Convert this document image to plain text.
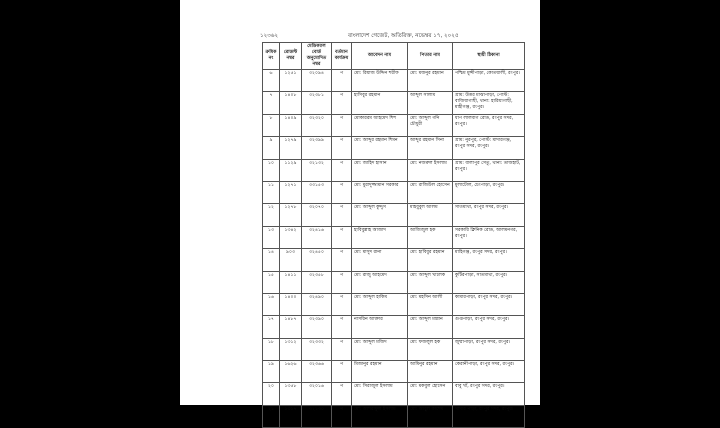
১২৩৬২	বাংলাদেশ গেজেট, অতিরিক্ত, নভেম্বর ১৭, ২০২৫
ক্রমিক নং	রোডস্ট নম্বর	মেডিক্যাল বোর্ড অনুমোদিত নম্বর	বর্তমান কার্যক্রম	আবেদন নাম	পিতার নাম	স্থায়ী ঠিকানা
৬	১২৫১	৩২০৯৪	প	মো: রিয়াজ উদ্দিন শরীফ	মো: মজনুর রহমান	পশ্চিম মুন্সীপাড়া, কোতয়ালী, রংপুর।
৭	১৪০৮	৩২৩৮১	প	হাসিবুর রহমান	আব্দুল সালাম	গ্রাম: উত্তর মাঝাপাড়া, পোস্ট: বাজিয়াগাছী, থানা: হারিয়াগাছী, মাহীগঞ্জ, রংপুর।
৮	১৪০৯	৩২৩২০	প	মোকাররম আহমেদ শিশ	মো: আব্দুল গনি চৌধুরী	ধাপ লালবাগ রোড, রংপুর সদর, রংপুর।
৯	১২৭৯	৩২৩৯৯	প	মো: আব্দুর রহমান শিমন	আব্দুর রহমান সিনা	গ্রাম: নুরপুর, পোস্ট: মাদারগঞ্জ, রংপুর সদর, রংপুর।
১০	১১২৯	৩২১৩২	প	মো: জাহিদ হাসান	মো: নজরুল ইসলাম	গ্রাম: বালাপুর সেতু, থানা: তাজহাট, রংপুর।
১১	১২৭১	৩৩১৫৩	প	মো: মুরাদুজ্জামান সরকার	মো: রাজিউল হোসেন	মুলাটোল, চেংপাড়া, রংপুর।
১২	১২৭৮	৩২০৭০	প	মো: আব্দুল কুদ্দুস	মাহবুবুল আলম	সাতমাথা, রংপুর সদর, রংপুর।
১৩	১৩৪২	৩২৪১৬	প	হাবিবুল্লাহ আজাদ	আজিজুল হক	সরকারি ক্লিনিক রোড, আলমনগর, রংপুর।
১৪	৯০৩	৩২৪৫০	প	মো: মাসুদ রানা	মো: হাবিবুর রহমান	মাহিগঞ্জ, রংপুর সদর, রংপুর।
১৫	১৪১১	৩২৩৫৮	প	মো: রাজু আহমেদ	মো: আব্দুল খালেক	কুটিরপাড়া, সাতমাথা, রংপুর।
১৬	১৪০০	৩২৪৯০	প	মো: আব্দুল হাকিম	মো: মহসিন আলী	কামারপাড়া, রংপুর সদর, রংপুর।
১৭	১৪৮৭	৩২৩৯০	প	নাসরিন আক্তার	মো: আব্দুল মান্নান	গুপ্তপাড়া, রংপুর সদর, রংপুর।
১৮	১৩১২	৩২৩৩২	প	মো: আব্দুল মজিদ	মো: ফজলুল হক	জুম্মাপাড়া, রংপুর সদর, রংপুর।
১৯	১৬২৬	৩২৩৬৬	প	মিজানুর রহমান	আমিনুর রহমান	কেরানীপাড়া, রংপুর সদর, রংপুর।
২০	১৩৫৮	৩২০১৬	প	মো: সিরাজুল ইসলাম	মো: মকবুল হোসেন	বাবু খাঁ, রংপুর সদর, রংপুর।
২১	১৩১৭	৩২১৩০	প	মো: আশরাফুল ইসলাম	মো: আবুল কাশেম	খামার পাড়া, রংপুর সদর, রংপুর।
